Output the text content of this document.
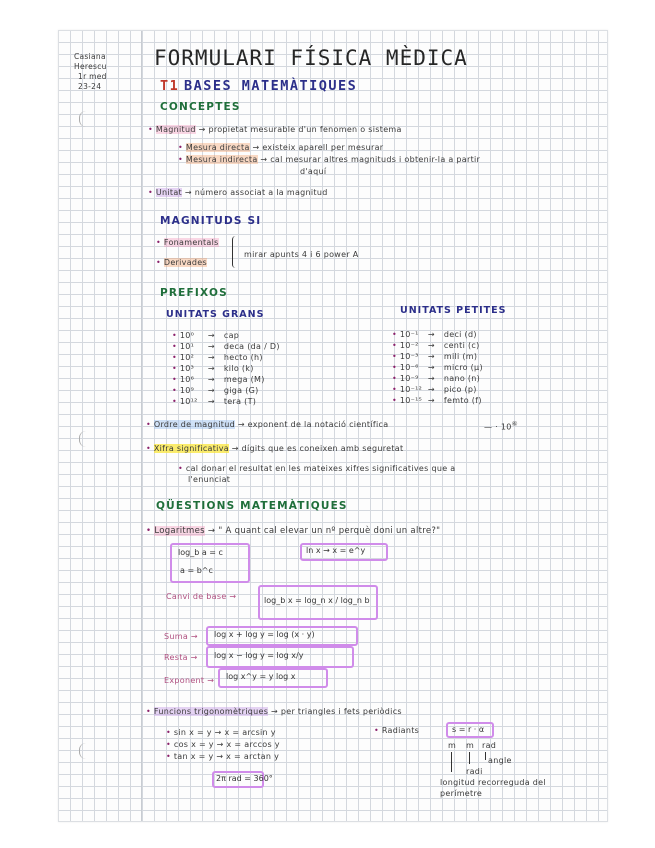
Casiana
Herescu
1r med
23-24
FORMULARI FÍSICA MÈDICA
T1 BASES MATEMÀTIQUES
CONCEPTES
• Magnitud → propietat mesurable d'un fenomen o sistema
• Mesura directa → existeix aparell per mesurar
• Mesura indirecta → cal mesurar altres magnituds i obtenir-la a partir
d'aquí
• Unitat → número associat a la magnitud
MAGNITUDS SI
• Fonamentals
• Derivades
mirar apunts 4 i 6 power A
PREFIXOS
UNITATS GRANS	UNITATS PETITES
• 10⁰ → cap
• 10¹ → deca (da / D)
• 10² → hecto (h)
• 10³ → kilo (k)
• 10⁶ → mega (M)
• 10⁹ → giga (G)
• 10¹² → tera (T)
• 10⁻¹ → deci (d)
• 10⁻² → centi (c)
• 10⁻³ → mili (m)
• 10⁻⁶ → micro (μ)
• 10⁻⁹ → nano (n)
• 10⁻¹² → pico (p)
• 10⁻¹⁵ → femto (f)
• Ordre de magnitud → exponent de la notació científica	— · 10⑥
• Xifra significativa → dígits que es coneixen amb seguretat
• cal donar el resultat en les mateixes xifres significatives que a
l'enunciat
QÜESTIONS MATEMÀTIQUES
• Logaritmes → " A quant cal elevar un nº perquè doni un altre?"
log_b a = c
a = b^c
ln x → x = e^y
Canvi de base →	log_b x = log_n x / log_n b
Suma → log x + log y = log (x · y)
Resta → log x − log y = log x/y
Exponent → log x^y = y log x
• Funcions trigonomètriques → per triangles i fets periòdics
• sin x = y → x = arcsin y
• cos x = y → x = arccos y
• tan x = y → x = arctan y
2π rad = 360°
• Radiants	s = r · α
m m rad
angle
radi
longitud recorreguda del
perímetre
